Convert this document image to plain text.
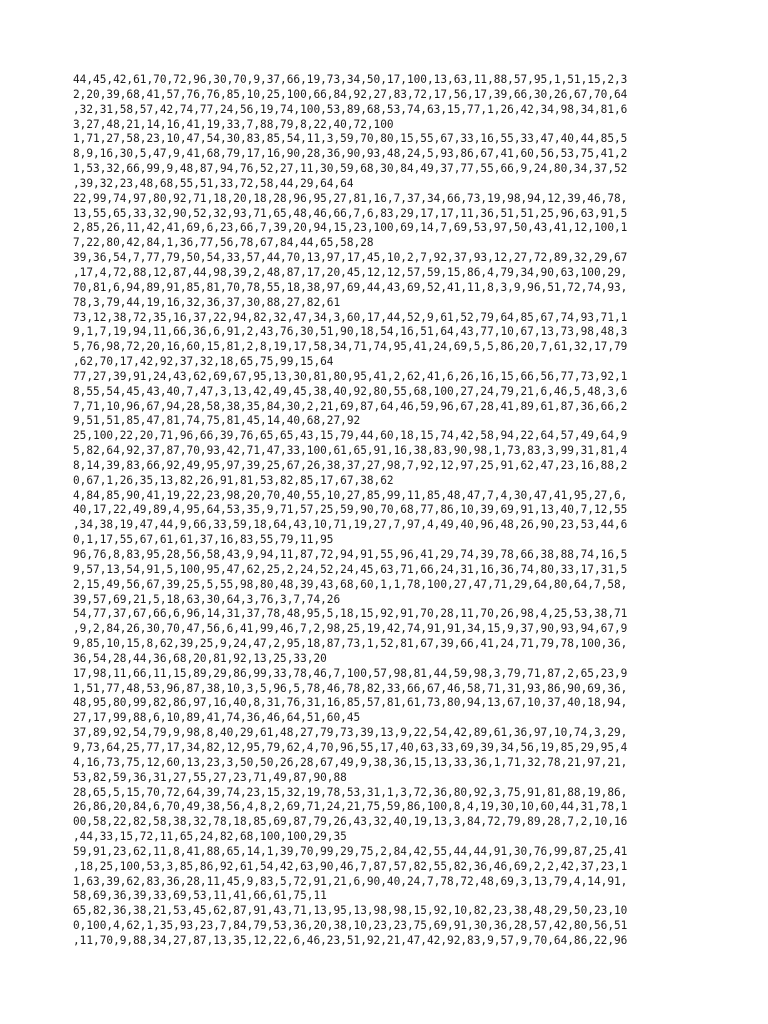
44,45,42,61,70,72,96,30,70,9,37,66,19,73,34,50,17,100,13,63,11,88,57,95,1,51,15,2,3
2,20,39,68,41,57,76,76,85,10,25,100,66,84,92,27,83,72,17,56,17,39,66,30,26,67,70,64
,32,31,58,57,42,74,77,24,56,19,74,100,53,89,68,53,74,63,15,77,1,26,42,34,98,34,81,6
3,27,48,21,14,16,41,19,33,7,88,79,8,22,40,72,100
1,71,27,58,23,10,47,54,30,83,85,54,11,3,59,70,80,15,55,67,33,16,55,33,47,40,44,85,5
8,9,16,30,5,47,9,41,68,79,17,16,90,28,36,90,93,48,24,5,93,86,67,41,60,56,53,75,41,2
1,53,32,66,99,9,48,87,94,76,52,27,11,30,59,68,30,84,49,37,77,55,66,9,24,80,34,37,52
,39,32,23,48,68,55,51,33,72,58,44,29,64,64
22,99,74,97,80,92,71,18,20,18,28,96,95,27,81,16,7,37,34,66,73,19,98,94,12,39,46,78,
13,55,65,33,32,90,52,32,93,71,65,48,46,66,7,6,83,29,17,17,11,36,51,51,25,96,63,91,5
2,85,26,11,42,41,69,6,23,66,7,39,20,94,15,23,100,69,14,7,69,53,97,50,43,41,12,100,1
7,22,80,42,84,1,36,77,56,78,67,84,44,65,58,28
39,36,54,7,77,79,50,54,33,57,44,70,13,97,17,45,10,2,7,92,37,93,12,27,72,89,32,29,67
,17,4,72,88,12,87,44,98,39,2,48,87,17,20,45,12,12,57,59,15,86,4,79,34,90,63,100,29,
70,81,6,94,89,91,85,81,70,78,55,18,38,97,69,44,43,69,52,41,11,8,3,9,96,51,72,74,93,
78,3,79,44,19,16,32,36,37,30,88,27,82,61
73,12,38,72,35,16,37,22,94,82,32,47,34,3,60,17,44,52,9,61,52,79,64,85,67,74,93,71,1
9,1,7,19,94,11,66,36,6,91,2,43,76,30,51,90,18,54,16,51,64,43,77,10,67,13,73,98,48,3
5,76,98,72,20,16,60,15,81,2,8,19,17,58,34,71,74,95,41,24,69,5,5,86,20,7,61,32,17,79
,62,70,17,42,92,37,32,18,65,75,99,15,64
77,27,39,91,24,43,62,69,67,95,13,30,81,80,95,41,2,62,41,6,26,16,15,66,56,77,73,92,1
8,55,54,45,43,40,7,47,3,13,42,49,45,38,40,92,80,55,68,100,27,24,79,21,6,46,5,48,3,6
7,71,10,96,67,94,28,58,38,35,84,30,2,21,69,87,64,46,59,96,67,28,41,89,61,87,36,66,2
9,51,51,85,47,81,74,75,81,45,14,40,68,27,92
25,100,22,20,71,96,66,39,76,65,65,43,15,79,44,60,18,15,74,42,58,94,22,64,57,49,64,9
5,82,64,92,37,87,70,93,42,71,47,33,100,61,65,91,16,38,83,90,98,1,73,83,3,99,31,81,4
8,14,39,83,66,92,49,95,97,39,25,67,26,38,37,27,98,7,92,12,97,25,91,62,47,23,16,88,2
0,67,1,26,35,13,82,26,91,81,53,82,85,17,67,38,62
4,84,85,90,41,19,22,23,98,20,70,40,55,10,27,85,99,11,85,48,47,7,4,30,47,41,95,27,6,
40,17,22,49,89,4,95,64,53,35,9,71,57,25,59,90,70,68,77,86,10,39,69,91,13,40,7,12,55
,34,38,19,47,44,9,66,33,59,18,64,43,10,71,19,27,7,97,4,49,40,96,48,26,90,23,53,44,6
0,1,17,55,67,61,61,37,16,83,55,79,11,95
96,76,8,83,95,28,56,58,43,9,94,11,87,72,94,91,55,96,41,29,74,39,78,66,38,88,74,16,5
9,57,13,54,91,5,100,95,47,62,25,2,24,52,24,45,63,71,66,24,31,16,36,74,80,33,17,31,5
2,15,49,56,67,39,25,5,55,98,80,48,39,43,68,60,1,1,78,100,27,47,71,29,64,80,64,7,58,
39,57,69,21,5,18,63,30,64,3,76,3,7,74,26
54,77,37,67,66,6,96,14,31,37,78,48,95,5,18,15,92,91,70,28,11,70,26,98,4,25,53,38,71
,9,2,84,26,30,70,47,56,6,41,99,46,7,2,98,25,19,42,74,91,91,34,15,9,37,90,93,94,67,9
9,85,10,15,8,62,39,25,9,24,47,2,95,18,87,73,1,52,81,67,39,66,41,24,71,79,78,100,36,
36,54,28,44,36,68,20,81,92,13,25,33,20
17,98,11,66,11,15,89,29,86,99,33,78,46,7,100,57,98,81,44,59,98,3,79,71,87,2,65,23,9
1,51,77,48,53,96,87,38,10,3,5,96,5,78,46,78,82,33,66,67,46,58,71,31,93,86,90,69,36,
48,95,80,99,82,86,97,16,40,8,31,76,31,16,85,57,81,61,73,80,94,13,67,10,37,40,18,94,
27,17,99,88,6,10,89,41,74,36,46,64,51,60,45
37,89,92,54,79,9,98,8,40,29,61,48,27,79,73,39,13,9,22,54,42,89,61,36,97,10,74,3,29,
9,73,64,25,77,17,34,82,12,95,79,62,4,70,96,55,17,40,63,33,69,39,34,56,19,85,29,95,4
4,16,73,75,12,60,13,23,3,50,50,26,28,67,49,9,38,36,15,13,33,36,1,71,32,78,21,97,21,
53,82,59,36,31,27,55,27,23,71,49,87,90,88
28,65,5,15,70,72,64,39,74,23,15,32,19,78,53,31,1,3,72,36,80,92,3,75,91,81,88,19,86,
26,86,20,84,6,70,49,38,56,4,8,2,69,71,24,21,75,59,86,100,8,4,19,30,10,60,44,31,78,1
00,58,22,82,58,38,32,78,18,85,69,87,79,26,43,32,40,19,13,3,84,72,79,89,28,7,2,10,16
,44,33,15,72,11,65,24,82,68,100,100,29,35
59,91,23,62,11,8,41,88,65,14,1,39,70,99,29,75,2,84,42,55,44,44,91,30,76,99,87,25,41
,18,25,100,53,3,85,86,92,61,54,42,63,90,46,7,87,57,82,55,82,36,46,69,2,2,42,37,23,1
1,63,39,62,83,36,28,11,45,9,83,5,72,91,21,6,90,40,24,7,78,72,48,69,3,13,79,4,14,91,
58,69,36,39,33,69,53,11,41,66,61,75,11
65,82,36,38,21,53,45,62,87,91,43,71,13,95,13,98,98,15,92,10,82,23,38,48,29,50,23,10
0,100,4,62,1,35,93,23,7,84,79,53,36,20,38,10,23,23,75,69,91,30,36,28,57,42,80,56,51
,11,70,9,88,34,27,87,13,35,12,22,6,46,23,51,92,21,47,42,92,83,9,57,9,70,64,86,22,96
